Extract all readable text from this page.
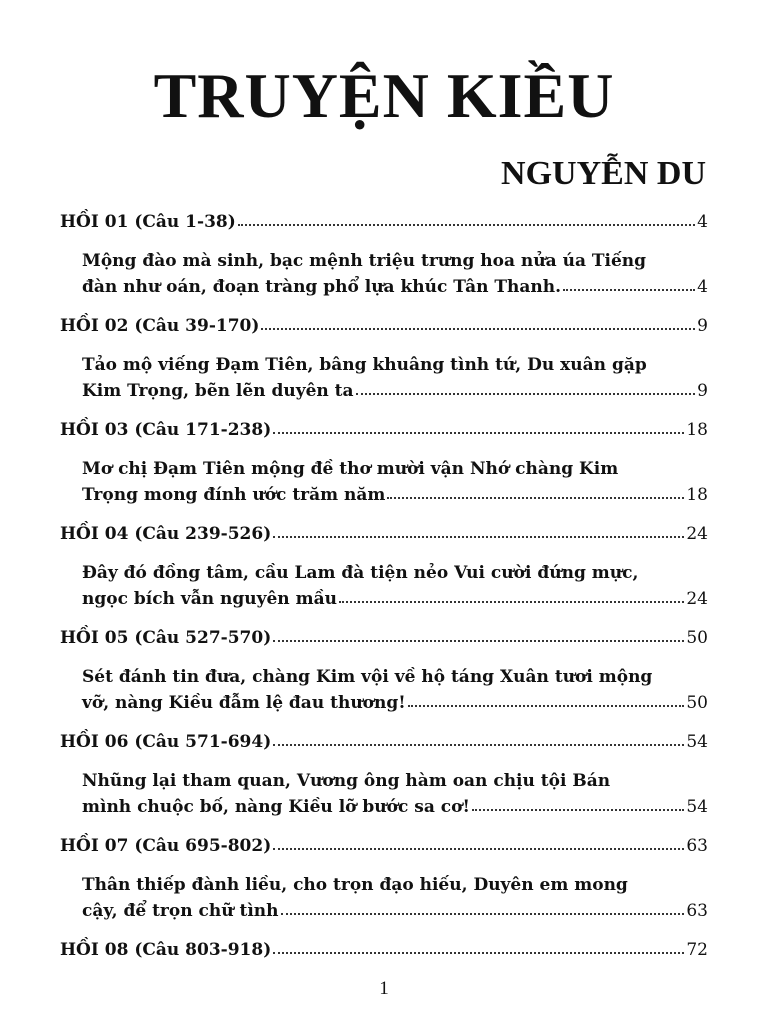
TRUYỆN KIỀU
NGUYỄN DU
HỒI 01 (Câu 1-38)	4
Mộng đào mà sinh, bạc mệnh triệu trưng hoa nửa úa Tiếng
đàn như oán, đoạn tràng phổ lựa khúc Tân Thanh.	4
HỒI 02 (Câu 39-170)	9
Tảo mộ viếng Đạm Tiên, bâng khuâng tình tứ, Du xuân gặp
Kim Trọng, bẽn lẽn duyên ta	9
HỒI 03 (Câu 171-238)	18
Mơ chị Đạm Tiên mộng đề thơ mười vận Nhớ chàng Kim
Trọng mong đính ước trăm năm	18
HỒI 04 (Câu 239-526)	24
Đây đó đồng tâm, cầu Lam đà tiện nẻo Vui cười đứng mực,
ngọc bích vẫn nguyên mầu	24
HỒI 05 (Câu 527-570)	50
Sét đánh tin đưa, chàng Kim vội về hộ táng Xuân tươi mộng
vỡ, nàng Kiều đẫm lệ đau thương!	50
HỒI 06 (Câu 571-694)	54
Nhũng lại tham quan, Vương ông hàm oan chịu tội Bán
mình chuộc bố, nàng Kiều lỡ bước sa cơ!	54
HỒI 07 (Câu 695-802)	63
Thân thiếp đành liều, cho trọn đạo hiếu, Duyên em mong
cậy, để trọn chữ tình	63
HỒI 08 (Câu 803-918)	72
1
